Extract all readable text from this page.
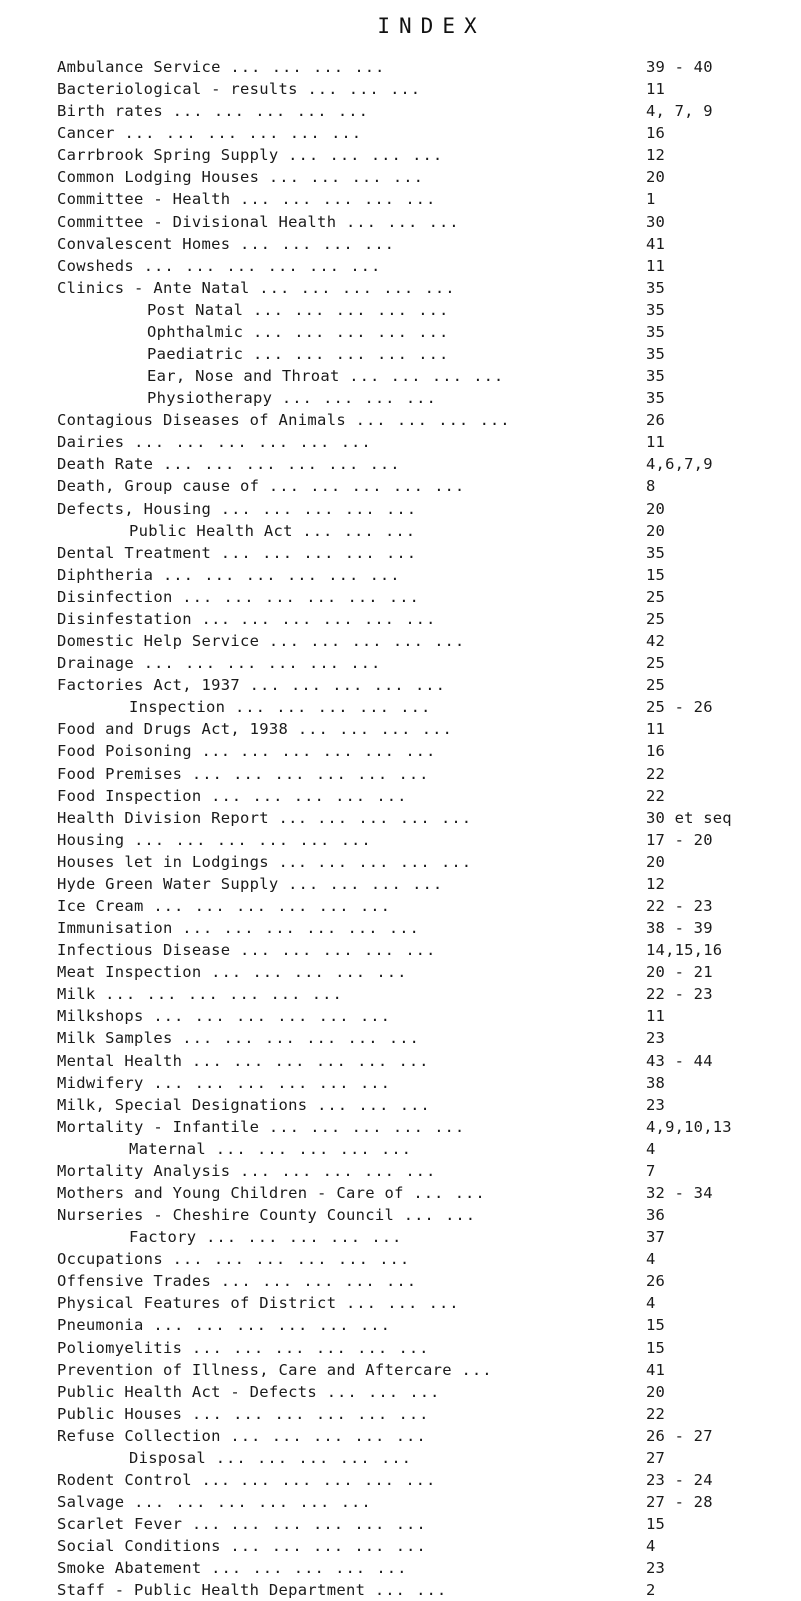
INDEX
Ambulance Service ... ... ... ...	39 - 40
Bacteriological - results ... ... ...	11
Birth rates ... ... ... ... ...	4, 7, 9
Cancer ... ... ... ... ... ...	16
Carrbrook Spring Supply ... ... ... ...	12
Common Lodging Houses ... ... ... ...	20
Committee - Health ... ... ... ... ...	1
Committee - Divisional Health ... ... ...	30
Convalescent Homes ... ... ... ...	41
Cowsheds ... ... ... ... ... ...	11
Clinics - Ante Natal ... ... ... ... ...	35
Post Natal ... ... ... ... ...	35
Ophthalmic ... ... ... ... ...	35
Paediatric ... ... ... ... ...	35
Ear, Nose and Throat ... ... ... ...	35
Physiotherapy ... ... ... ...	35
Contagious Diseases of Animals ... ... ... ...	26
Dairies ... ... ... ... ... ...	11
Death Rate ... ... ... ... ... ...	4,6,7,9
Death, Group cause of ... ... ... ... ...	8
Defects, Housing ... ... ... ... ...	20
Public Health Act ... ... ...	20
Dental Treatment ... ... ... ... ...	35
Diphtheria ... ... ... ... ... ...	15
Disinfection ... ... ... ... ... ...	25
Disinfestation ... ... ... ... ... ...	25
Domestic Help Service ... ... ... ... ...	42
Drainage ... ... ... ... ... ...	25
Factories Act, 1937 ... ... ... ... ...	25
Inspection ... ... ... ... ...	25 - 26
Food and Drugs Act, 1938 ... ... ... ...	11
Food Poisoning ... ... ... ... ... ...	16
Food Premises ... ... ... ... ... ...	22
Food Inspection ... ... ... ... ...	22
Health Division Report ... ... ... ... ...	30 et seq
Housing ... ... ... ... ... ...	17 - 20
Houses let in Lodgings ... ... ... ... ...	20
Hyde Green Water Supply ... ... ... ...	12
Ice Cream ... ... ... ... ... ...	22 - 23
Immunisation ... ... ... ... ... ...	38 - 39
Infectious Disease ... ... ... ... ...	14,15,16
Meat Inspection ... ... ... ... ...	20 - 21
Milk ... ... ... ... ... ...	22 - 23
Milkshops ... ... ... ... ... ...	11
Milk Samples ... ... ... ... ... ...	23
Mental Health ... ... ... ... ... ...	43 - 44
Midwifery ... ... ... ... ... ...	38
Milk, Special Designations ... ... ...	23
Mortality - Infantile ... ... ... ... ...	4,9,10,13
Maternal ... ... ... ... ...	4
Mortality Analysis ... ... ... ... ...	7
Mothers and Young Children - Care of ... ...	32 - 34
Nurseries - Cheshire County Council ... ...	36
Factory ... ... ... ... ...	37
Occupations ... ... ... ... ... ...	4
Offensive Trades ... ... ... ... ...	26
Physical Features of District ... ... ...	4
Pneumonia ... ... ... ... ... ...	15
Poliomyelitis ... ... ... ... ... ...	15
Prevention of Illness, Care and Aftercare ...	41
Public Health Act - Defects ... ... ...	20
Public Houses ... ... ... ... ... ...	22
Refuse Collection ... ... ... ... ...	26 - 27
Disposal ... ... ... ... ...	27
Rodent Control ... ... ... ... ... ...	23 - 24
Salvage ... ... ... ... ... ...	27 - 28
Scarlet Fever ... ... ... ... ... ...	15
Social Conditions ... ... ... ... ...	4
Smoke Abatement ... ... ... ... ...	23
Staff - Public Health Department ... ...	2
